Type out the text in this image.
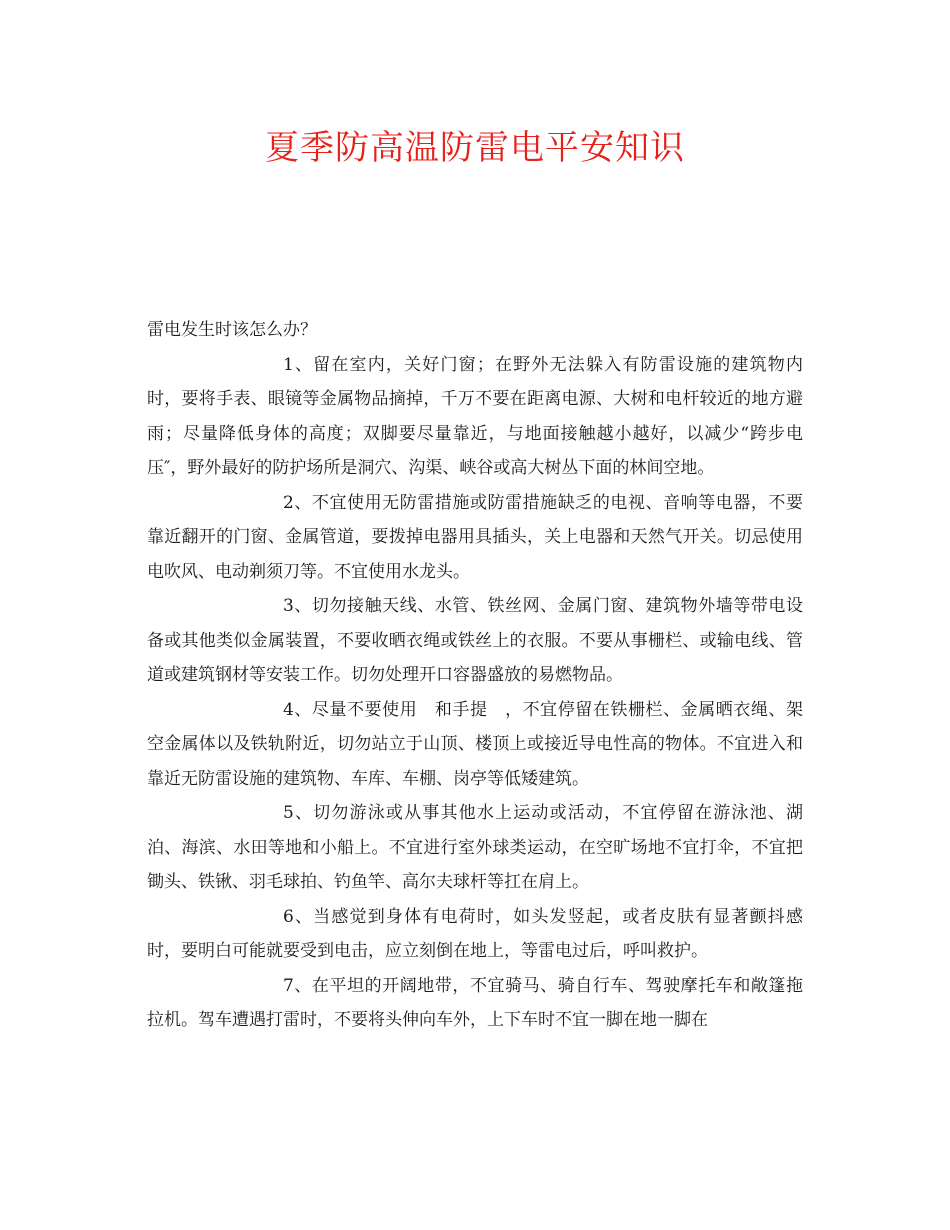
夏季防高温防雷电平安知识

雷电发生时该怎么办？

1、留在室内，关好门窗；在野外无法躲入有防雷设施的建筑物内时，要将手表、眼镜等金属物品摘掉，千万不要在距离电源、大树和电杆较近的地方避雨；尽量降低身体的高度；双脚要尽量靠近，与地面接触越小越好，以减少“跨步电压″，野外最好的防护场所是洞穴、沟渠、峡谷或高大树丛下面的林间空地。

2、不宜使用无防雷措施或防雷措施缺乏的电视、音响等电器，不要靠近翻开的门窗、金属管道，要拨掉电器用具插头，关上电器和天然气开关。切忌使用电吹风、电动剃须刀等。不宜使用水龙头。

3、切勿接触天线、水管、铁丝网、金属门窗、建筑物外墙等带电设备或其他类似金属装置，不要收晒衣绳或铁丝上的衣服。不要从事栅栏、或输电线、管道或建筑钢材等安装工作。切勿处理开口容器盛放的易燃物品。

4、尽量不要使用　和手提　，不宜停留在铁栅栏、金属晒衣绳、架空金属体以及铁轨附近，切勿站立于山顶、楼顶上或接近导电性高的物体。不宜进入和靠近无防雷设施的建筑物、车库、车棚、岗亭等低矮建筑。

5、切勿游泳或从事其他水上运动或活动，不宜停留在游泳池、湖泊、海滨、水田等地和小船上。不宜进行室外球类运动，在空旷场地不宜打伞，不宜把锄头、铁锹、羽毛球拍、钓鱼竿、高尔夫球杆等扛在肩上。

6、当感觉到身体有电荷时，如头发竖起，或者皮肤有显著颤抖感时，要明白可能就要受到电击，应立刻倒在地上，等雷电过后，呼叫救护。

7、在平坦的开阔地带，不宜骑马、骑自行车、驾驶摩托车和敞篷拖拉机。驾车遭遇打雷时，不要将头伸向车外，上下车时不宜一脚在地一脚在
